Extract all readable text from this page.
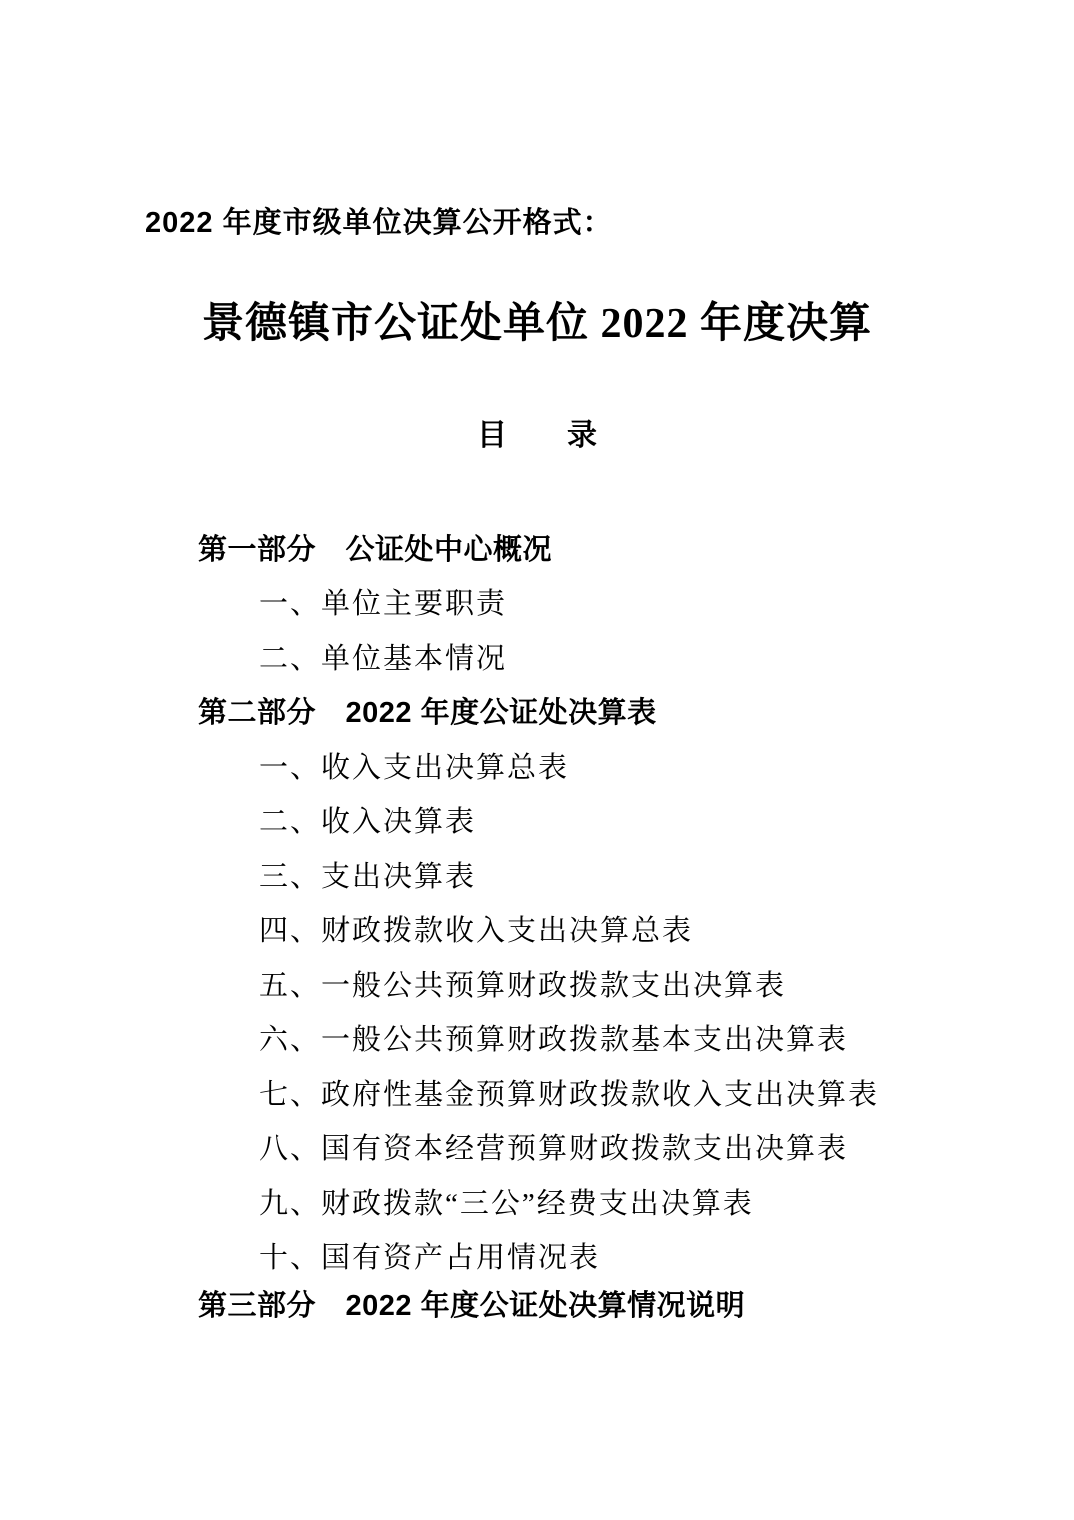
2022 年度市级单位决算公开格式：
景德镇市公证处单位 2022 年度决算
目　　录
第一部分　公证处中心概况
一、单位主要职责
二、单位基本情况
第二部分　2022 年度公证处决算表
一、收入支出决算总表
二、收入决算表
三、支出决算表
四、财政拨款收入支出决算总表
五、一般公共预算财政拨款支出决算表
六、一般公共预算财政拨款基本支出决算表
七、政府性基金预算财政拨款收入支出决算表
八、国有资本经营预算财政拨款支出决算表
九、财政拨款“三公”经费支出决算表
十、国有资产占用情况表
第三部分　2022 年度公证处决算情况说明
